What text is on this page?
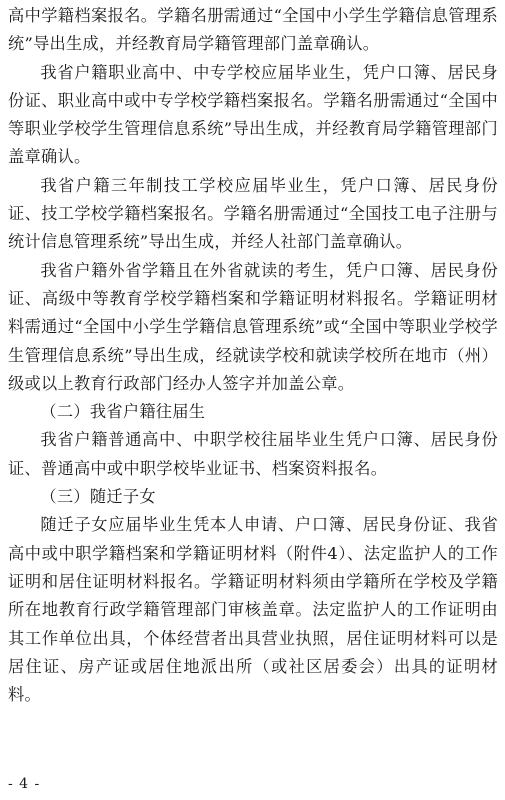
高中学籍档案报名。学籍名册需通过“全国中小学生学籍信息管理系统”导出生成，并经教育局学籍管理部门盖章确认。

我省户籍职业高中、中专学校应届毕业生，凭户口簿、居民身份证、职业高中或中专学校学籍档案报名。学籍名册需通过“全国中等职业学校学生管理信息系统”导出生成，并经教育局学籍管理部门盖章确认。

我省户籍三年制技工学校应届毕业生，凭户口簿、居民身份证、技工学校学籍档案报名。学籍名册需通过“全国技工电子注册与统计信息管理系统”导出生成，并经人社部门盖章确认。

我省户籍外省学籍且在外省就读的考生，凭户口簿、居民身份证、高级中等教育学校学籍档案和学籍证明材料报名。学籍证明材料需通过“全国中小学生学籍信息管理系统”或“全国中等职业学校学生管理信息系统”导出生成，经就读学校和就读学校所在地市（州）级或以上教育行政部门经办人签字并加盖公章。

（二）我省户籍往届生

我省户籍普通高中、中职学校往届毕业生凭户口簿、居民身份证、普通高中或中职学校毕业证书、档案资料报名。

（三）随迁子女

随迁子女应届毕业生凭本人申请、户口簿、居民身份证、我省高中或中职学籍档案和学籍证明材料（附件4）、法定监护人的工作证明和居住证明材料报名。学籍证明材料须由学籍所在学校及学籍所在地教育行政学籍管理部门审核盖章。法定监护人的工作证明由其工作单位出具，个体经营者出具营业执照，居住证明材料可以是居住证、房产证或居住地派出所（或社区居委会）出具的证明材料。

- 4 -
